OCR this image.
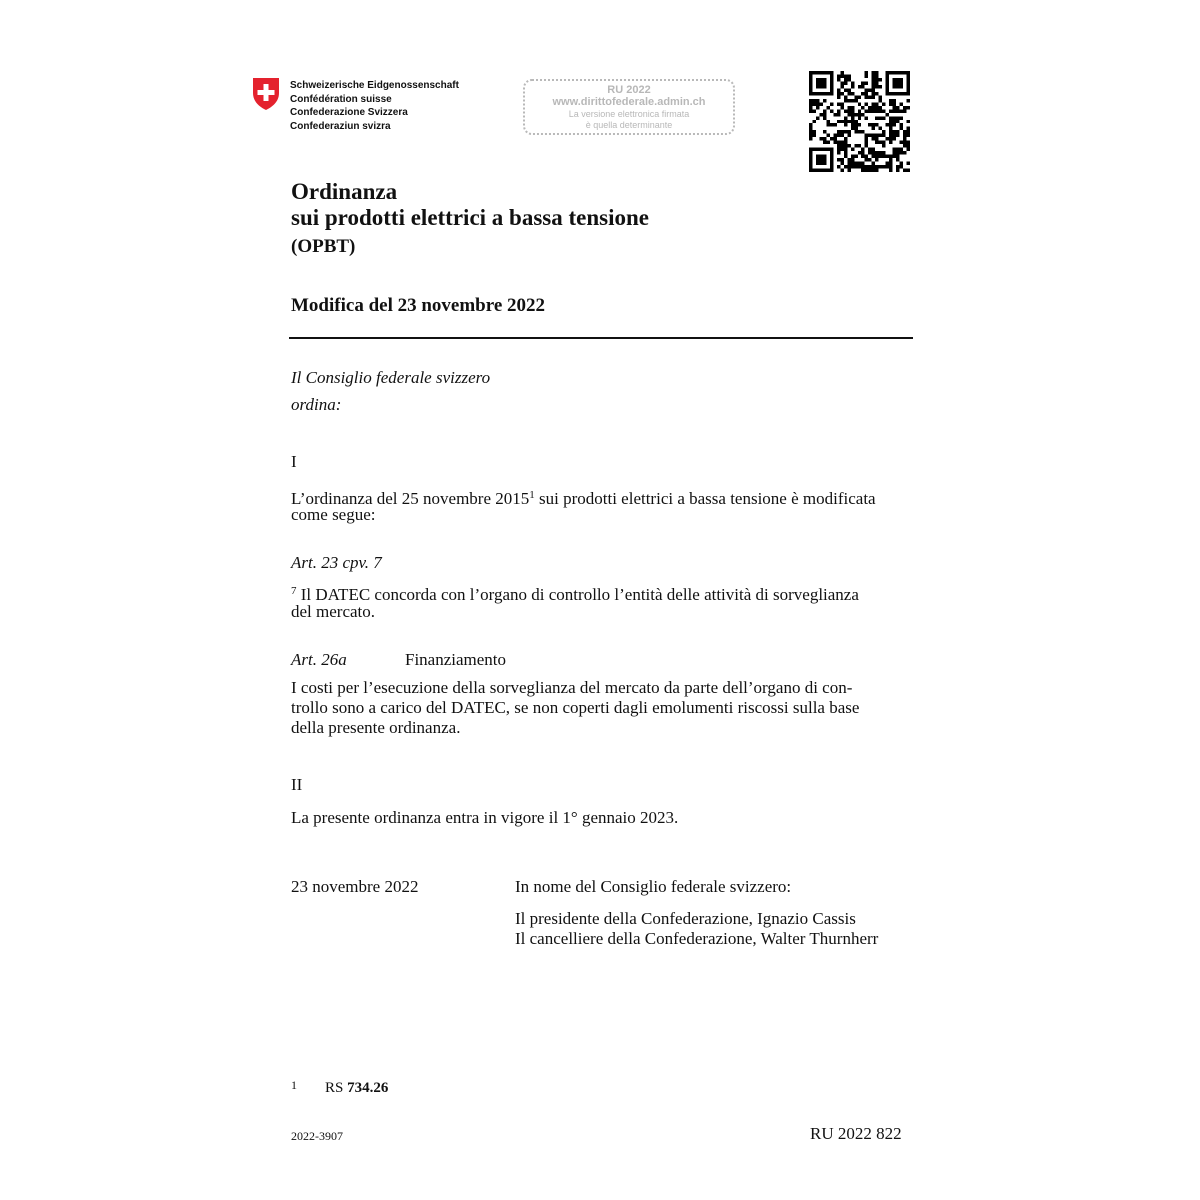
Schweizerische Eidgenossenschaft
Confédération suisse
Confederazione Svizzera
Confederaziun svizra
RU 2022
www.dirittofederale.admin.ch
La versione elettronica firmata
è quella determinante
Ordinanza
sui prodotti elettrici a bassa tensione
(OPBT)
Modifica del 23 novembre 2022
Il Consiglio federale svizzero
ordina:
I
L’ordinanza del 25 novembre 2015$^1$ sui prodotti elettrici a bassa tensione è modificata
come segue:
Art. 23 cpv. 7
$^7$ Il DATEC concorda con l’organo di controllo l’entità delle attività di sorveglianza
del mercato.
Art. 26a	Finanziamento
I costi per l’esecuzione della sorveglianza del mercato da parte dell’organo di con-
trollo sono a carico del DATEC, se non coperti dagli emolumenti riscossi sulla base
della presente ordinanza.
II
La presente ordinanza entra in vigore il 1° gennaio 2023.
23 novembre 2022	In nome del Consiglio federale svizzero:
Il presidente della Confederazione, Ignazio Cassis
Il cancelliere della Confederazione, Walter Thurnherr
1 RS 734.26
2022-3907	RU 2022 822
